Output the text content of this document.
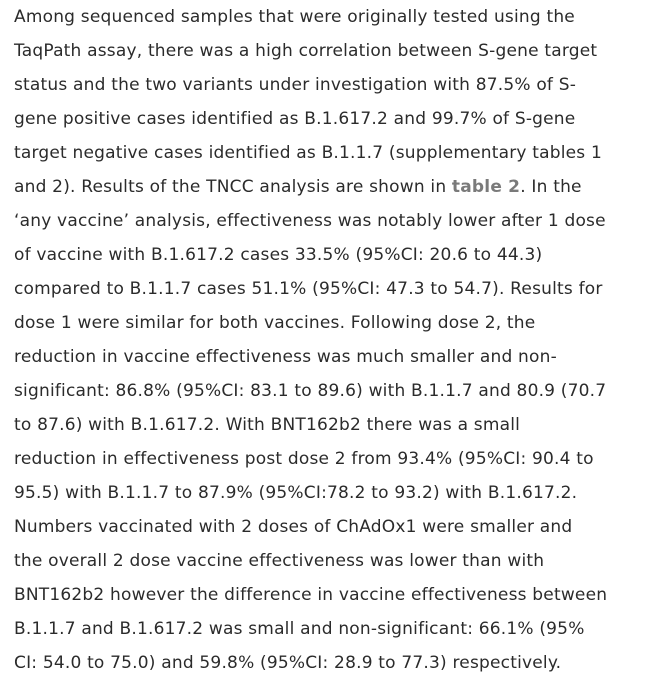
Among sequenced samples that were originally tested using the
TaqPath assay, there was a high correlation between S-gene target
status and the two variants under investigation with 87.5% of S-
gene positive cases identified as B.1.617.2 and 99.7% of S-gene
target negative cases identified as B.1.1.7 (supplementary tables 1
and 2). Results of the TNCC analysis are shown in table 2. In the
‘any vaccine’ analysis, effectiveness was notably lower after 1 dose
of vaccine with B.1.617.2 cases 33.5% (95%CI: 20.6 to 44.3)
compared to B.1.1.7 cases 51.1% (95%CI: 47.3 to 54.7). Results for
dose 1 were similar for both vaccines. Following dose 2, the
reduction in vaccine effectiveness was much smaller and non-
significant: 86.8% (95%CI: 83.1 to 89.6) with B.1.1.7 and 80.9 (70.7
to 87.6) with B.1.617.2. With BNT162b2 there was a small
reduction in effectiveness post dose 2 from 93.4% (95%CI: 90.4 to
95.5) with B.1.1.7 to 87.9% (95%CI:78.2 to 93.2) with B.1.617.2.
Numbers vaccinated with 2 doses of ChAdOx1 were smaller and
the overall 2 dose vaccine effectiveness was lower than with
BNT162b2 however the difference in vaccine effectiveness between
B.1.1.7 and B.1.617.2 was small and non-significant: 66.1% (95%
CI: 54.0 to 75.0) and 59.8% (95%CI: 28.9 to 77.3) respectively.
